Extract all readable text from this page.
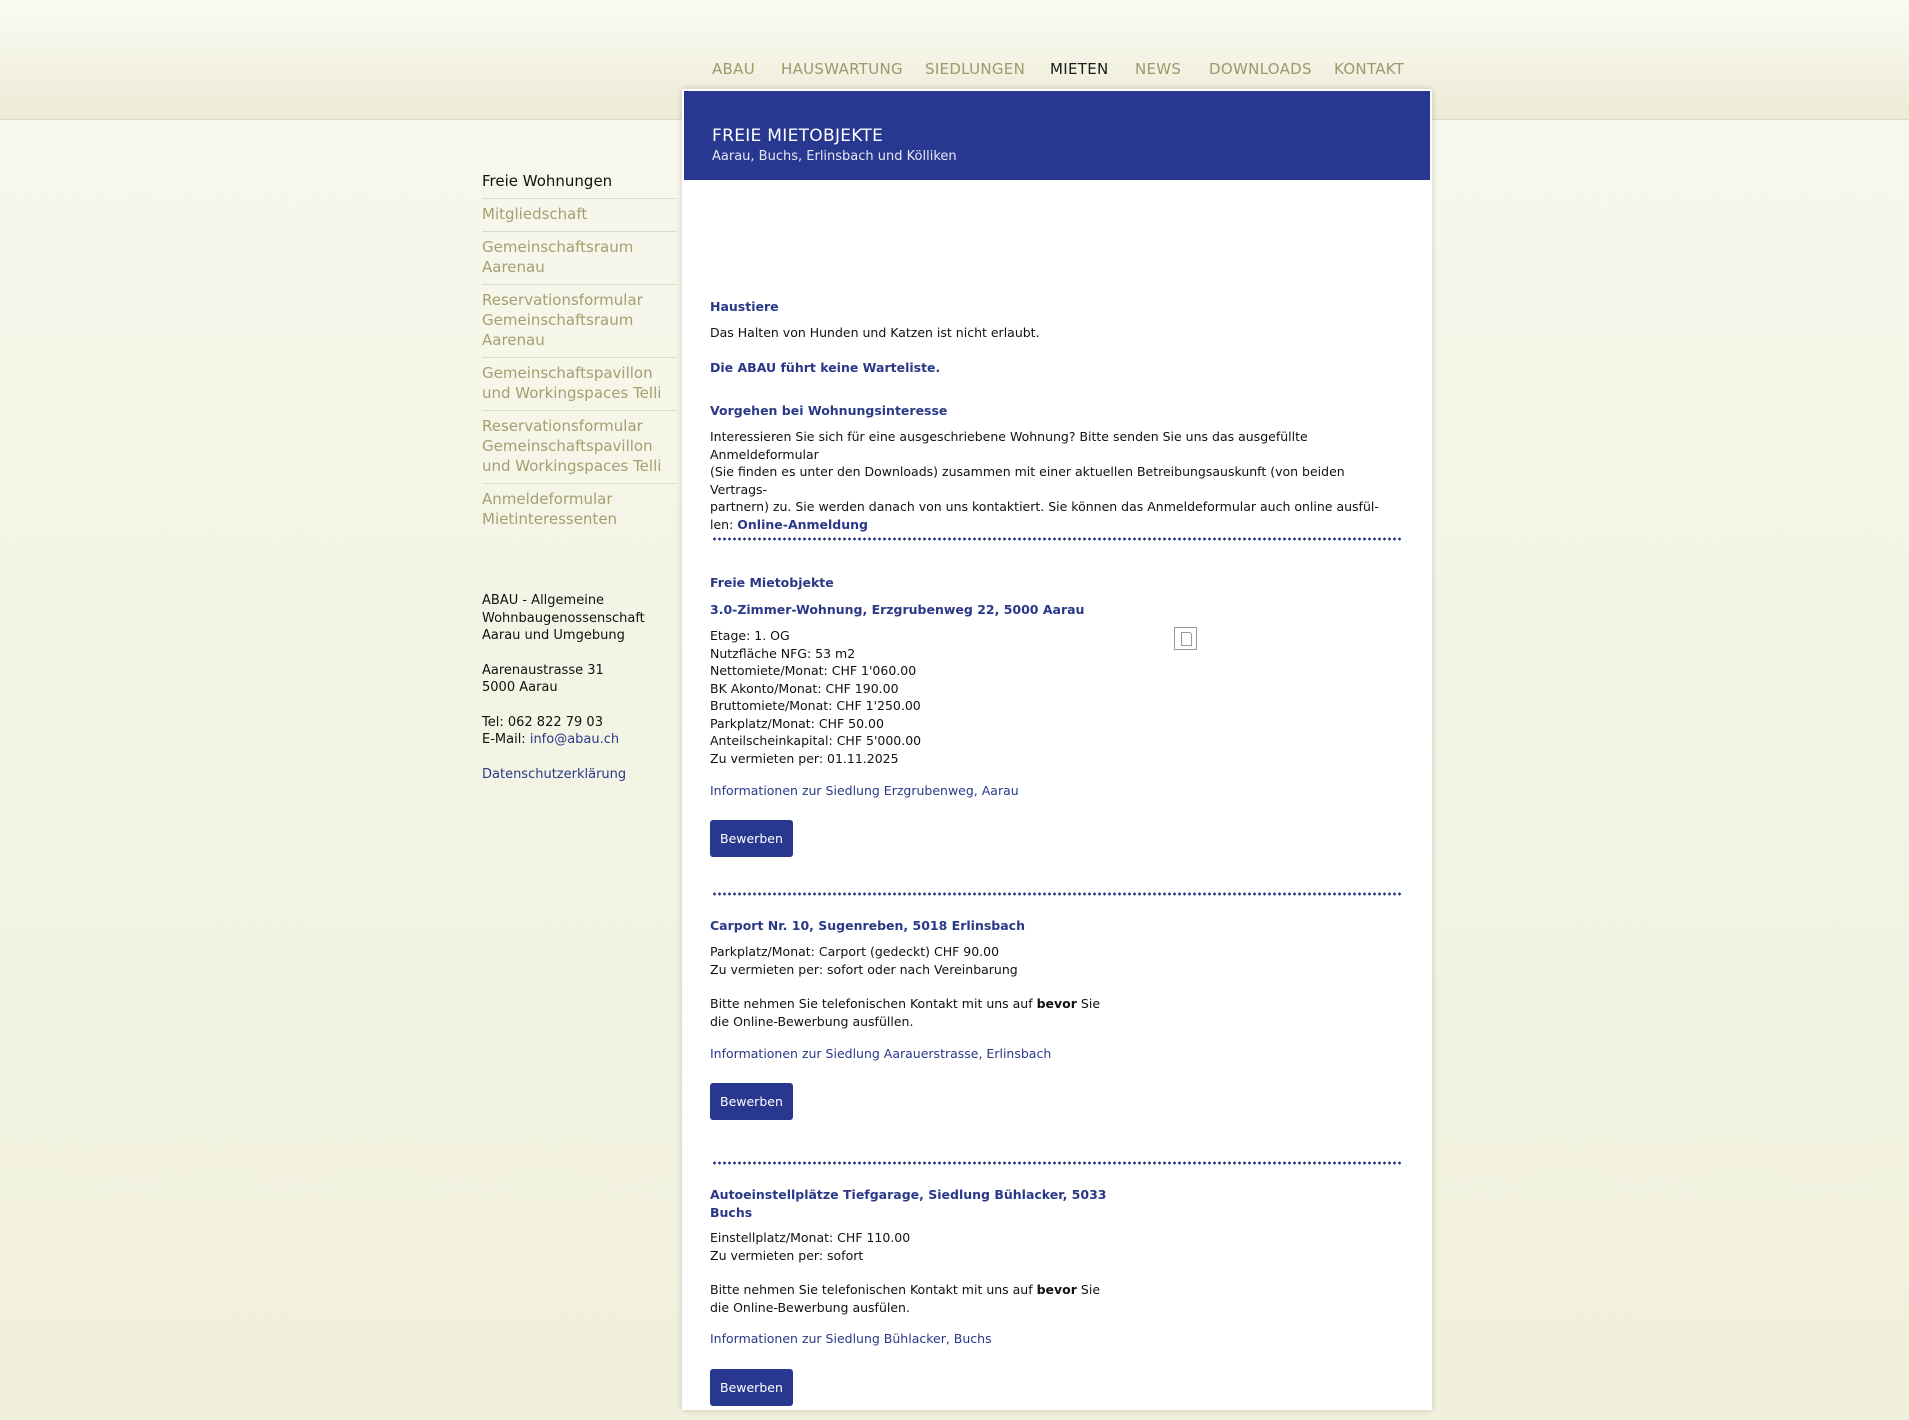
ABAU HAUSWARTUNG SIEDLUNGEN MIETEN NEWS DOWNLOADS KONTAKT
Freie Wohnungen
Mitgliedschaft
Gemeinschaftsraum Aarenau
Reservationsformular Gemeinschaftsraum Aarenau
Gemeinschaftspavillon und Workingspaces Telli
Reservationsformular Gemeinschaftspavillon und Workingspaces Telli
Anmeldeformular Mietinteressenten

ABAU - Allgemeine
Wohnbaugenossenschaft
Aarau und Umgebung

Aarenaustrasse 31
5000 Aarau

Tel: 062 822 79 03
E-Mail: info@abau.ch

Datenschutzerklärung

FREIE MIETOBJEKTE
Aarau, Buchs, Erlinsbach und Kölliken
Haustiere
Das Halten von Hunden und Katzen ist nicht erlaubt.
Die ABAU führt keine Warteliste.
Vorgehen bei Wohnungsinteresse
Interessieren Sie sich für eine ausgeschriebene Wohnung? Bitte senden Sie uns das ausgefüllte Anmeldeformular
(Sie finden es unter den Downloads) zusammen mit einer aktuellen Betreibungsauskunft (von beiden Vertrags-
partnern) zu. Sie werden danach von uns kontaktiert. Sie können das Anmeldeformular auch online ausfül-
len: Online-Anmeldung
Freie Mietobjekte
3.0-Zimmer-Wohnung, Erzgrubenweg 22, 5000 Aarau
Etage: 1. OG
Nutzfläche NFG: 53 m2
Nettomiete/Monat: CHF 1'060.00
BK Akonto/Monat: CHF 190.00
Bruttomiete/Monat: CHF 1'250.00
Parkplatz/Monat: CHF 50.00
Anteilscheinkapital: CHF 5'000.00
Zu vermieten per: 01.11.2025
Informationen zur Siedlung Erzgrubenweg, Aarau
Bewerben
Carport Nr. 10, Sugenreben, 5018 Erlinsbach
Parkplatz/Monat: Carport (gedeckt) CHF 90.00
Zu vermieten per: sofort oder nach Vereinbarung
Bitte nehmen Sie telefonischen Kontakt mit uns auf bevor Sie
die Online-Bewerbung ausfüllen.
Informationen zur Siedlung Aarauerstrasse, Erlinsbach
Bewerben
Autoeinstellplätze Tiefgarage, Siedlung Bühlacker, 5033
Buchs
Einstellplatz/Monat: CHF 110.00
Zu vermieten per: sofort
Bitte nehmen Sie telefonischen Kontakt mit uns auf bevor Sie
die Online-Bewerbung ausfülen.
Informationen zur Siedlung Bühlacker, Buchs
Bewerben
